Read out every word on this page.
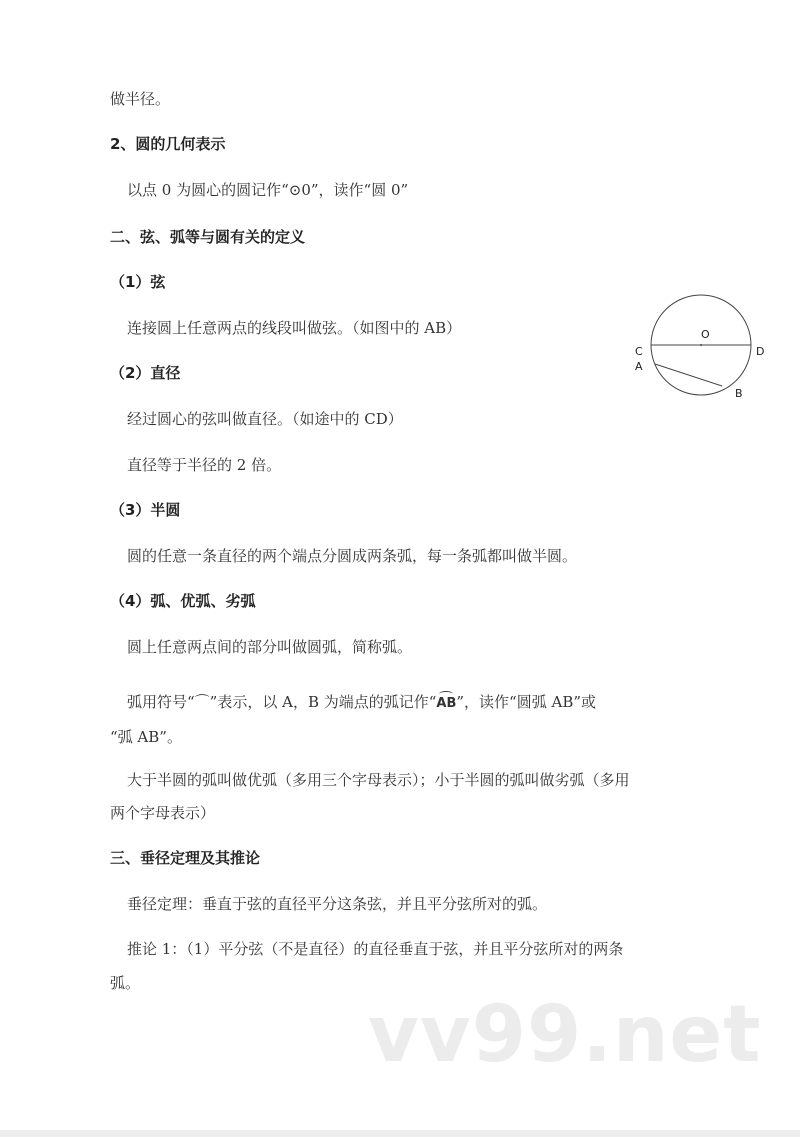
做半径。
2、圆的几何表示
以点 0 为圆心的圆记作“⊙0”，读作“圆 0”
二、弦、弧等与圆有关的定义
（1）弦
连接圆上任意两点的线段叫做弦。（如图中的 AB）
（2）直径
经过圆心的弦叫做直径。（如途中的 CD）
直径等于半径的 2 倍。
（3）半圆
圆的任意一条直径的两个端点分圆成两条弧，每一条弧都叫做半圆。
（4）弧、优弧、劣弧
圆上任意两点间的部分叫做圆弧，简称弧。
弧用符号“⌒”表示，以 A，B 为端点的弧记作“AB”，读作“圆弧 AB”或
“弧 AB”。
大于半圆的弧叫做优弧（多用三个字母表示）；小于半圆的弧叫做劣弧（多用
两个字母表示）
三、垂径定理及其推论
垂径定理：垂直于弦的直径平分这条弦，并且平分弦所对的弧。
推论 1：（1）平分弦（不是直径）的直径垂直于弦，并且平分弦所对的两条
弧。
O
C	D
A
B
vv99.net
